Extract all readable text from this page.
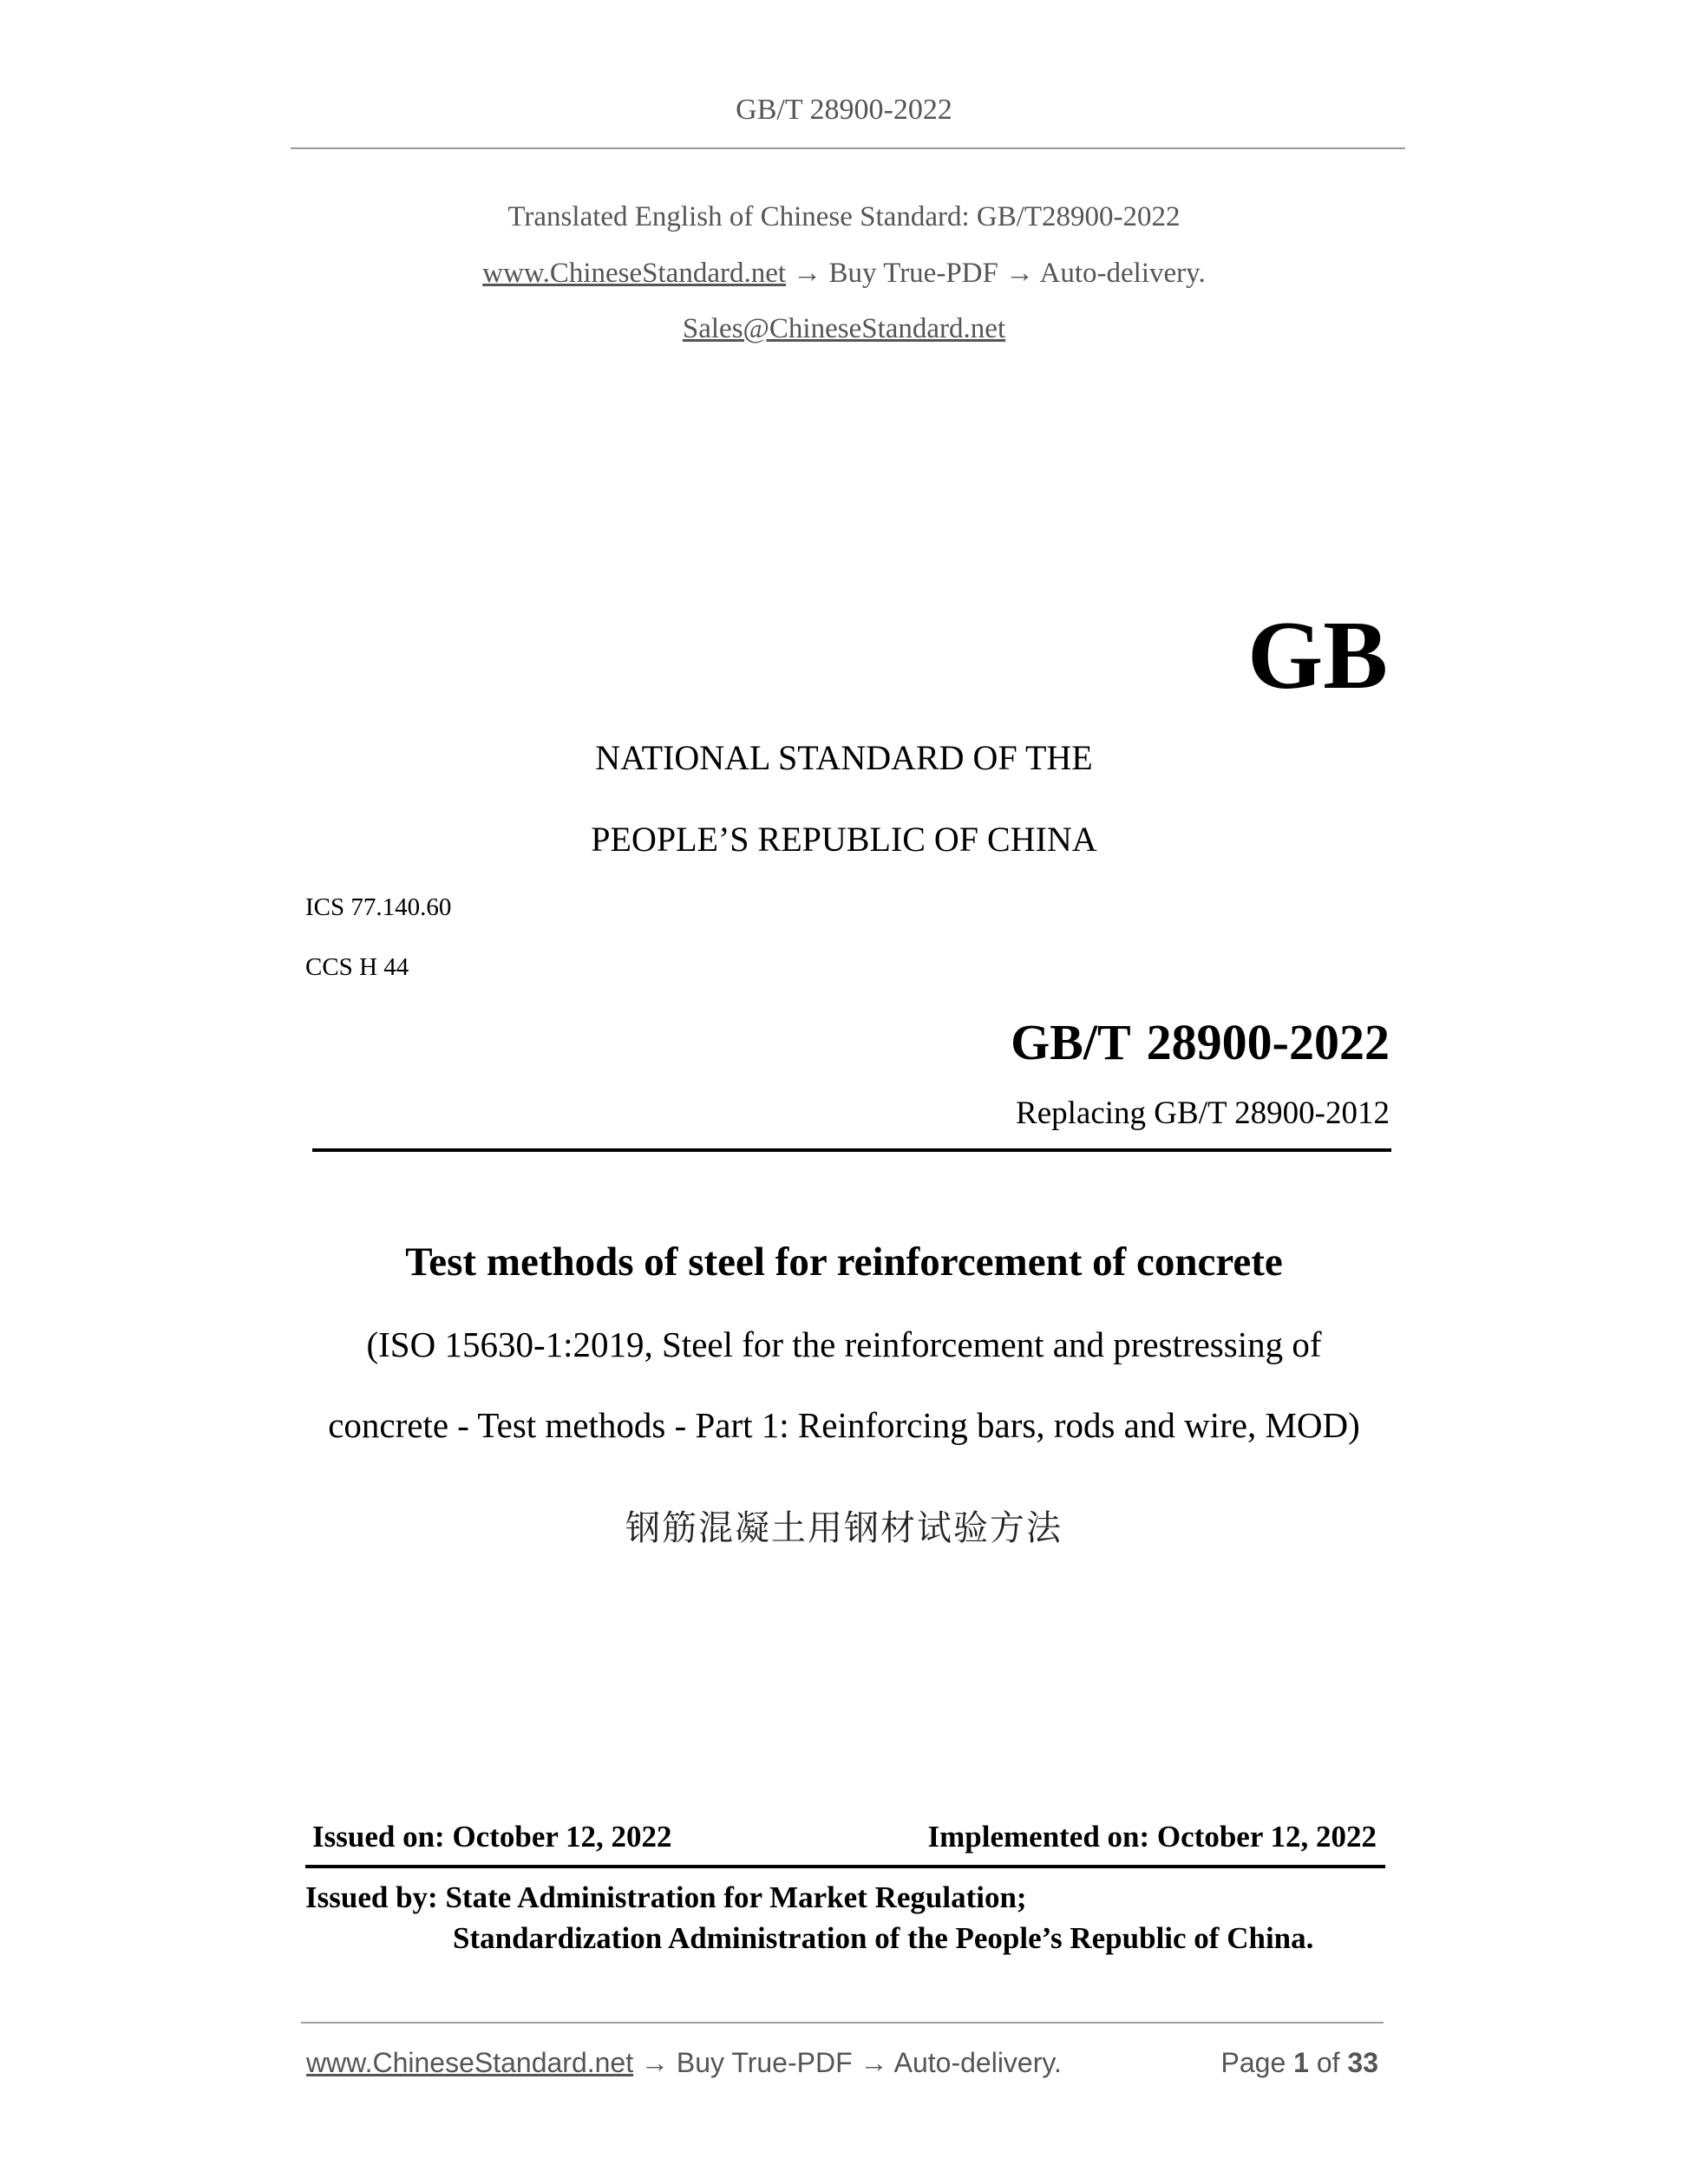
GB/T 28900-2022
Translated English of Chinese Standard: GB/T28900-2022
www.ChineseStandard.net → Buy True-PDF → Auto-delivery.
Sales@ChineseStandard.net
GB
NATIONAL STANDARD OF THE
PEOPLE’S REPUBLIC OF CHINA
ICS 77.140.60
CCS H 44
GB/T 28900-2022
Replacing GB/T 28900-2012
Test methods of steel for reinforcement of concrete
(ISO 15630-1:2019, Steel for the reinforcement and prestressing of
concrete - Test methods - Part 1: Reinforcing bars, rods and wire, MOD)
钢筋混凝土用钢材试验方法
Issued on: October 12, 2022	Implemented on: October 12, 2022
Issued by: State Administration for Market Regulation;
Standardization Administration of the People’s Republic of China.
www.ChineseStandard.net → Buy True-PDF → Auto-delivery.	Page 1 of 33
